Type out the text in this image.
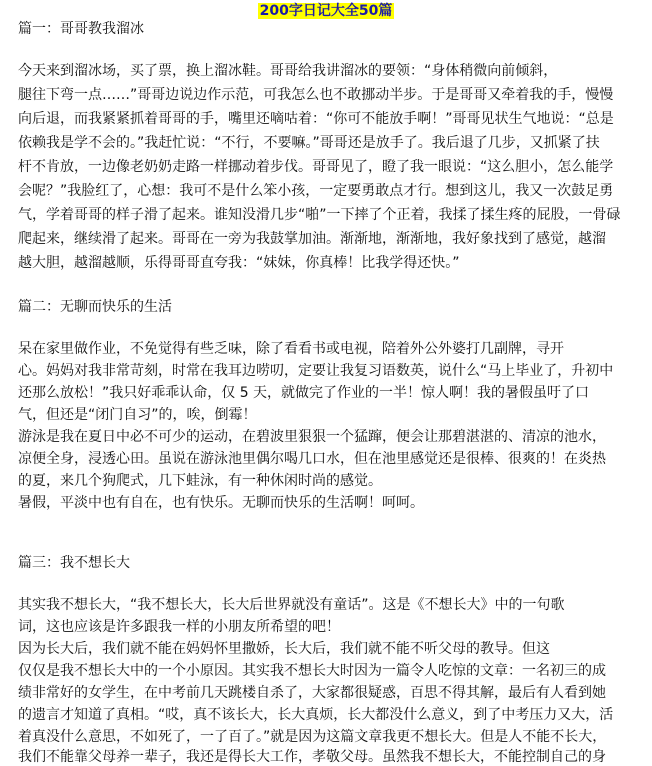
200字日记大全50篇
篇一：哥哥教我溜冰
今天来到溜冰场，买了票，换上溜冰鞋。哥哥给我讲溜冰的要领：“身体稍微向前倾斜，
腿往下弯一点……”哥哥边说边作示范，可我怎么也不敢挪动半步。于是哥哥又牵着我的手，慢慢
向后退，而我紧紧抓着哥哥的手，嘴里还嘀咕着：“你可不能放手啊！”哥哥见状生气地说：“总是
依赖我是学不会的。”我赶忙说：“不行，不要嘛。”哥哥还是放手了。我后退了几步，又抓紧了扶
杆不肯放，一边像老奶奶走路一样挪动着步伐。哥哥见了，瞪了我一眼说：“这么胆小，怎么能学
会呢？”我脸红了，心想：我可不是什么笨小孩，一定要勇敢点才行。想到这儿，我又一次鼓足勇
气，学着哥哥的样子滑了起来。谁知没滑几步“啪”一下摔了个正着，我揉了揉生疼的屁股，一骨碌
爬起来，继续滑了起来。哥哥在一旁为我鼓掌加油。渐渐地，渐渐地，我好象找到了感觉，越溜
越大胆，越溜越顺，乐得哥哥直夸我：“妹妹，你真棒！比我学得还快。”
篇二：无聊而快乐的生活
呆在家里做作业，不免觉得有些乏味，除了看看书或电视，陪着外公外婆打几副牌，寻开
心。妈妈对我非常苛刻，时常在我耳边唠叨，定要让我复习语数英，说什么“马上毕业了，升初中
还那么放松！”我只好乖乖认命，仅 5 天，就做完了作业的一半！惊人啊！我的暑假虽吁了口
气，但还是“闭门自习”的，唉，倒霉！
游泳是我在夏日中必不可少的运动，在碧波里狠狠一个猛蹿，便会让那碧湛湛的、清凉的池水，
凉便全身，浸透心田。虽说在游泳池里偶尔喝几口水，但在池里感觉还是很棒、很爽的！在炎热
的夏，来几个狗爬式，几下蛙泳，有一种休闲时尚的感觉。
暑假，平淡中也有自在，也有快乐。无聊而快乐的生活啊！呵呵。
篇三：我不想长大
其实我不想长大，“我不想长大，长大后世界就没有童话”。这是《不想长大》中的一句歌
词，这也应该是许多跟我一样的小朋友所希望的吧！
因为长大后，我们就不能在妈妈怀里撒娇，长大后，我们就不能不听父母的教导。但这
仅仅是我不想长大中的一个小原因。其实我不想长大时因为一篇令人吃惊的文章：一名初三的成
绩非常好的女学生，在中考前几天跳楼自杀了，大家都很疑惑，百思不得其解，最后有人看到她
的遗言才知道了真相。“哎，真不该长大，长大真烦，长大都没什么意义，到了中考压力又大，活
着真没什么意思，不如死了，一了百了。”就是因为这篇文章我更不想长大。但是人不能不长大，
我们不能靠父母养一辈子，我还是得长大工作，孝敬父母。虽然我不想长大，不能控制自己的身
